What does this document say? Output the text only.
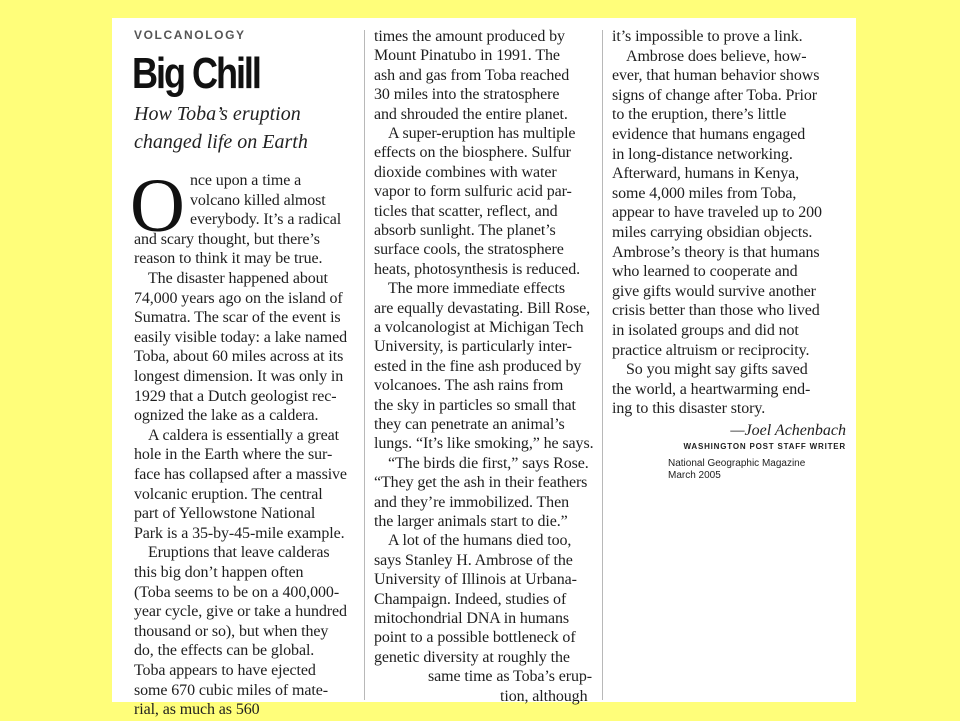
VOLCANOLOGY
Big Chill
How Toba’s eruption
changed life on Earth
O nce upon a time a
volcano killed almost
everybody. It’s a radical
and scary thought, but there’s
reason to think it may be true.
The disaster happened about
74,000 years ago on the island of
Sumatra. The scar of the event is
easily visible today: a lake named
Toba, about 60 miles across at its
longest dimension. It was only in
1929 that a Dutch geologist rec-
ognized the lake as a caldera.
A caldera is essentially a great
hole in the Earth where the sur-
face has collapsed after a massive
volcanic eruption. The central
part of Yellowstone National
Park is a 35-by-45-mile example.
Eruptions that leave calderas
this big don’t happen often
(Toba seems to be on a 400,000-
year cycle, give or take a hundred
thousand or so), but when they
do, the effects can be global.
Toba appears to have ejected
some 670 cubic miles of mate-
rial, as much as 560
times the amount produced by
Mount Pinatubo in 1991. The
ash and gas from Toba reached
30 miles into the stratosphere
and shrouded the entire planet.
A super-eruption has multiple
effects on the biosphere. Sulfur
dioxide combines with water
vapor to form sulfuric acid par-
ticles that scatter, reflect, and
absorb sunlight. The planet’s
surface cools, the stratosphere
heats, photosynthesis is reduced.
The more immediate effects
are equally devastating. Bill Rose,
a volcanologist at Michigan Tech
University, is particularly inter-
ested in the fine ash produced by
volcanoes. The ash rains from
the sky in particles so small that
they can penetrate an animal’s
lungs. “It’s like smoking,” he says.
“The birds die first,” says Rose.
“They get the ash in their feathers
and they’re immobilized. Then
the larger animals start to die.”
A lot of the humans died too,
says Stanley H. Ambrose of the
University of Illinois at Urbana-
Champaign. Indeed, studies of
mitochondrial DNA in humans
point to a possible bottleneck of
genetic diversity at roughly the
same time as Toba’s erup-
tion, although
it’s impossible to prove a link.
Ambrose does believe, how-
ever, that human behavior shows
signs of change after Toba. Prior
to the eruption, there’s little
evidence that humans engaged
in long-distance networking.
Afterward, humans in Kenya,
some 4,000 miles from Toba,
appear to have traveled up to 200
miles carrying obsidian objects.
Ambrose’s theory is that humans
who learned to cooperate and
give gifts would survive another
crisis better than those who lived
in isolated groups and did not
practice altruism or reciprocity.
So you might say gifts saved
the world, a heartwarming end-
ing to this disaster story.
—Joel Achenbach
WASHINGTON POST STAFF WRITER
National Geographic Magazine
March 2005
